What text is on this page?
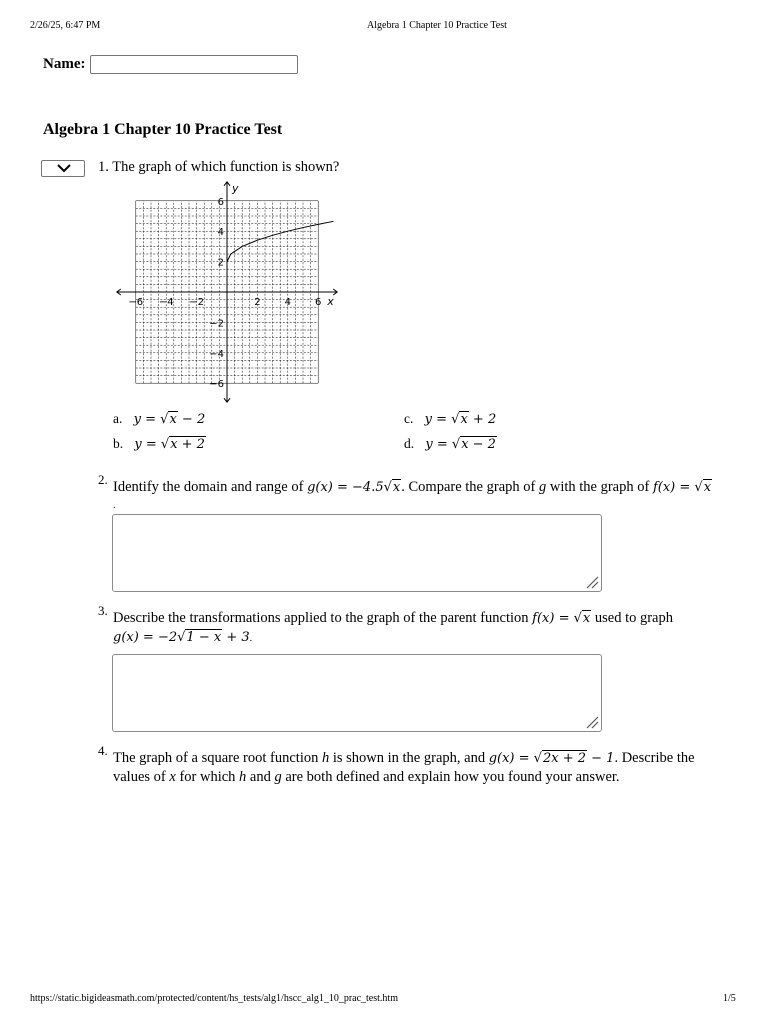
2/26/25, 6:47 PM	Algebra 1 Chapter 10 Practice Test
Name:
Algebra 1 Chapter 10 Practice Test
1. The graph of which function is shown?
−6 −4 −2	2 4 6
6
4
2
−2
−4
−6
x
y
a. y = √x − 2
b. y = √x + 2
c. y = √x + 2
d. y = √x − 2
2. Identify the domain and range of g(x) = −4.5√x. Compare the graph of g with the graph of f(x) = √x
.
3. Describe the transformations applied to the graph of the parent function f(x) = √x used to graph
g(x) = −2√1 − x + 3.
4. The graph of a square root function h is shown in the graph, and g(x) = √2x + 2 − 1. Describe the
values of x for which h and g are both defined and explain how you found your answer.
https://static.bigideasmath.com/protected/content/hs_tests/alg1/hscc_alg1_10_prac_test.htm	1/5
